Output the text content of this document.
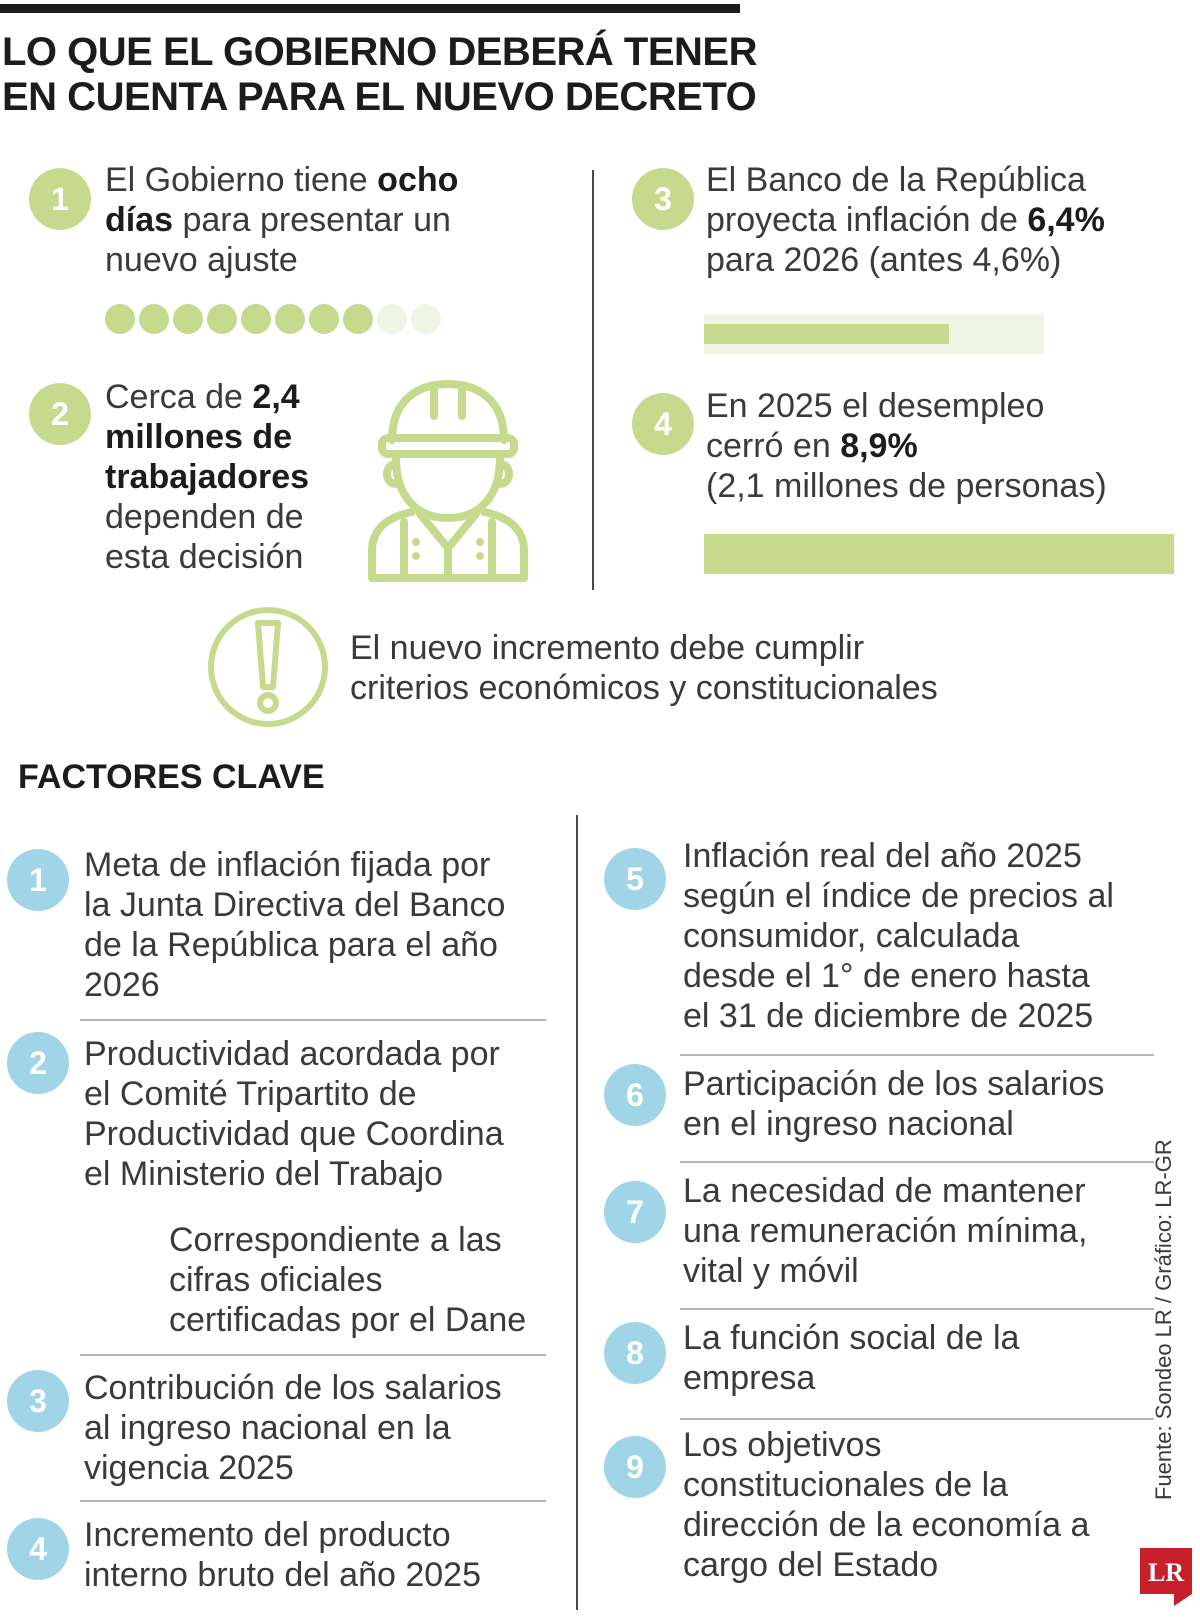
LO QUE EL GOBIERNO DEBERÁ TENER
EN CUENTA PARA EL NUEVO DECRETO
1	El Gobierno tiene ocho
días para presentar un
nuevo ajuste
2	Cerca de 2,4
millones de
trabajadores
dependen de
esta decisión
3	El Banco de la República
proyecta inflación de 6,4%
para 2026 (antes 4,6%)
4	En 2025 el desempleo
cerró en 8,9%
(2,1 millones de personas)
El nuevo incremento debe cumplir
criterios económicos y constitucionales
FACTORES CLAVE
1	Meta de inflación fijada por
la Junta Directiva del Banco
de la República para el año
2026
2	Productividad acordada por
el Comité Tripartito de
Productividad que Coordina
el Ministerio del Trabajo
Correspondiente a las
cifras oficiales
certificadas por el Dane
3	Contribución de los salarios
al ingreso nacional en la
vigencia 2025
4	Incremento del producto
interno bruto del año 2025
5
Inflación real del año 2025
según el índice de precios al
consumidor, calculada
desde el 1° de enero hasta
el 31 de diciembre de 2025
6	Participación de los salarios
en el ingreso nacional
7
La necesidad de mantener
una remuneración mínima,
vital y móvil
8	La función social de la
empresa
9
Los objetivos
constitucionales de la
dirección de la economía a
cargo del Estado
Fuente: Sondeo LR / Gráfico: LR-GR
LR
